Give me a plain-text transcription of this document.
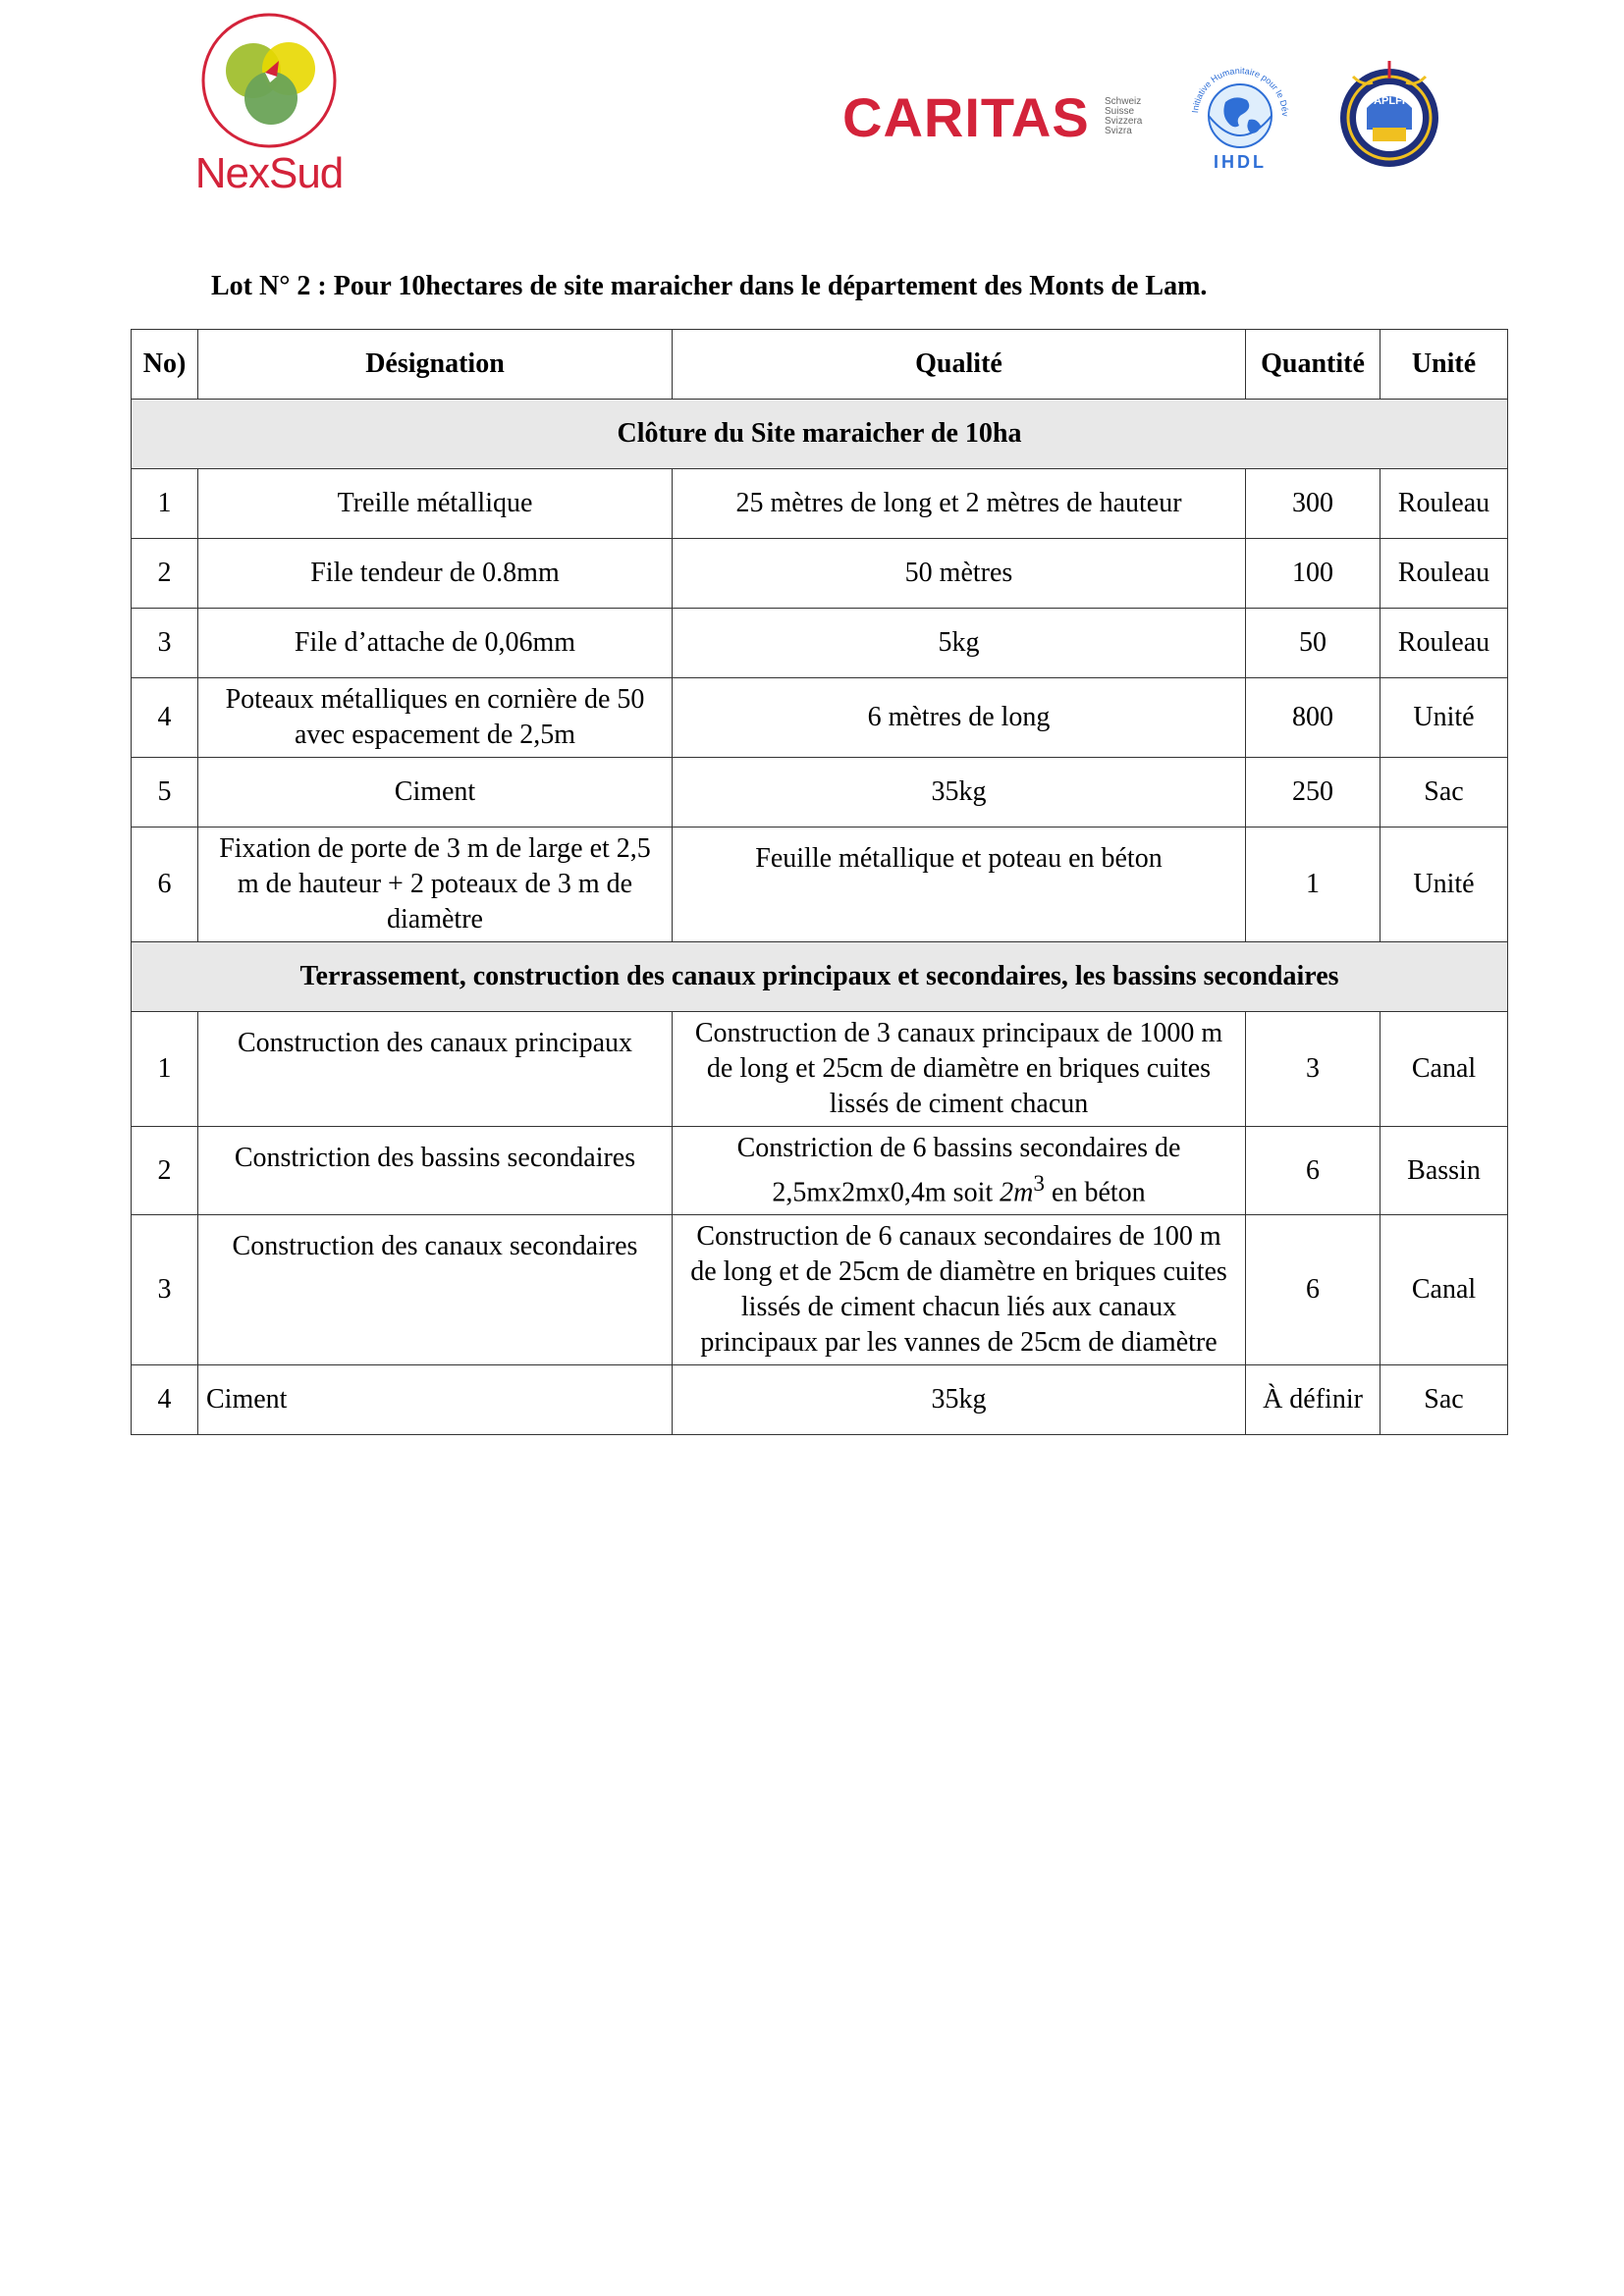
NexSud
CARITAS Schweiz
Suisse
Svizzera
Svizra
Initiative Humanitaire pour le Dév
IHDL
APLFI
Lot N° 2 : Pour 10hectares de site maraicher dans le département des Monts de Lam.
No)	Désignation	Qualité	Quantité	Unité
Clôture du Site maraicher de 10ha				
1	Treille métallique	25 mètres de long et 2 mètres de hauteur	300	Rouleau
2	File tendeur de 0.8mm	50 mètres	100	Rouleau
3	File d’attache de 0,06mm	5kg	50	Rouleau
4	Poteaux métalliques en cornière de 50 avec espacement de 2,5m	6 mètres de long	800	Unité
5	Ciment	35kg	250	Sac
6	Fixation de porte de 3 m de large et 2,5 m de hauteur + 2 poteaux de 3 m de diamètre	Feuille métallique et poteau en béton	1	Unité
Terrassement, construction des canaux principaux et secondaires, les bassins secondaires				
1	Construction des canaux principaux	Construction de 3 canaux principaux de 1000 m de long et 25cm de diamètre en briques cuites lissés de ciment chacun	3	Canal
2	Constriction des bassins secondaires	Constriction de 6 bassins secondaires de 2,5mx2mx0,4m soit $2m^3$ en béton	6	Bassin
3	Construction des canaux secondaires	Construction de 6 canaux secondaires de 100 m de long et de 25cm de diamètre en briques cuites lissés de ciment chacun liés aux canaux principaux par les vannes de 25cm de diamètre	6	Canal
4	Ciment	35kg	À définir	Sac
